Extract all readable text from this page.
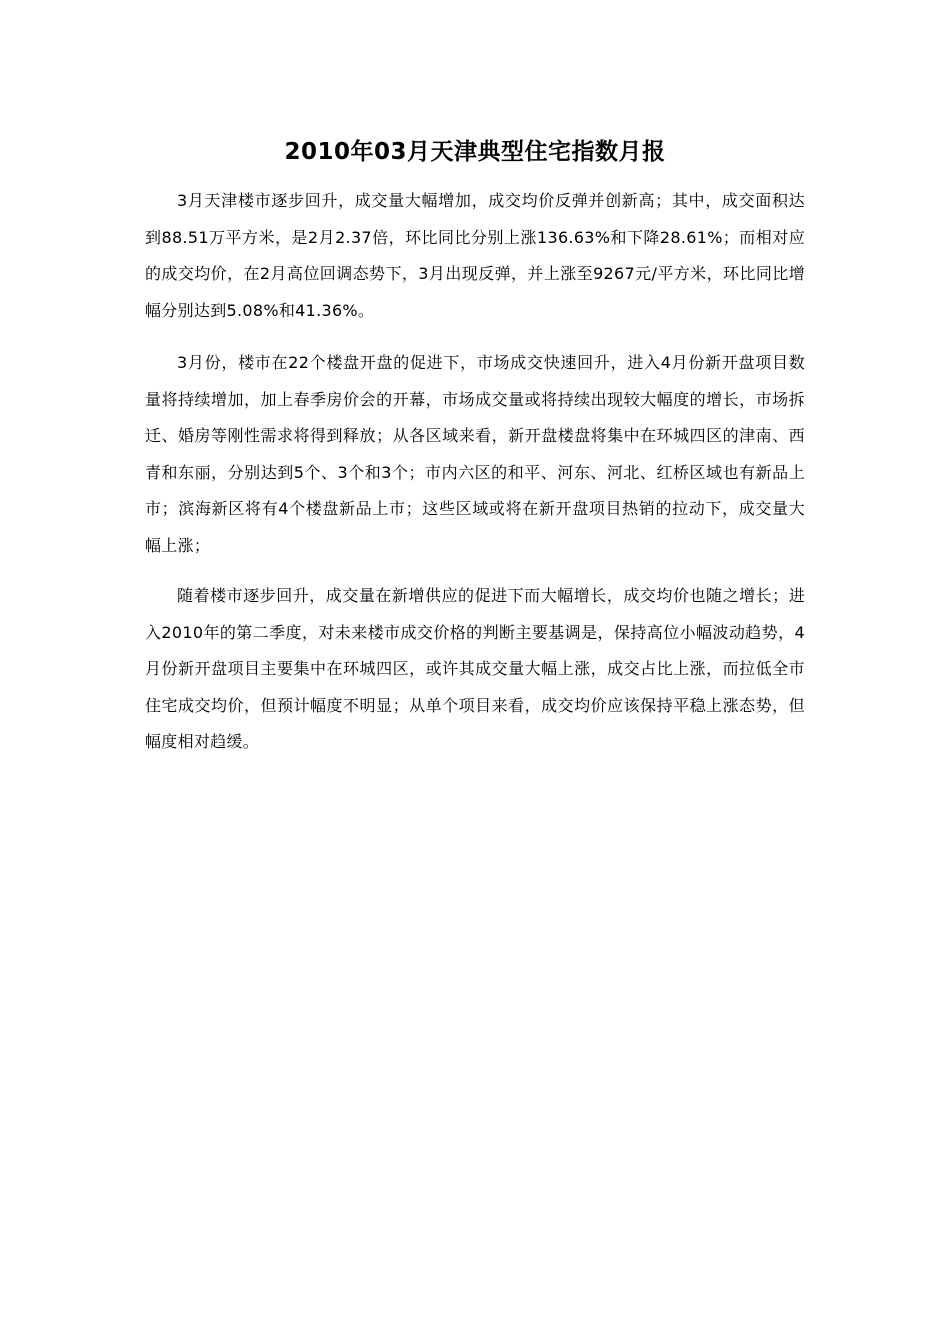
2010年03月天津典型住宅指数月报

3月天津楼市逐步回升，成交量大幅增加，成交均价反弹并创新高；其中，成交面积达到88.51万平方米，是2月2.37倍，环比同比分别上涨136.63%和下降28.61%；而相对应的成交均价，在2月高位回调态势下，3月出现反弹，并上涨至9267元/平方米，环比同比增幅分别达到5.08%和41.36%。

3月份，楼市在22个楼盘开盘的促进下，市场成交快速回升，进入4月份新开盘项目数量将持续增加，加上春季房价会的开幕，市场成交量或将持续出现较大幅度的增长，市场拆迁、婚房等刚性需求将得到释放；从各区域来看，新开盘楼盘将集中在环城四区的津南、西青和东丽，分别达到5个、3个和3个；市内六区的和平、河东、河北、红桥区域也有新品上市；滨海新区将有4个楼盘新品上市；这些区域或将在新开盘项目热销的拉动下，成交量大幅上涨；

随着楼市逐步回升，成交量在新增供应的促进下而大幅增长，成交均价也随之增长；进入2010年的第二季度，对未来楼市成交价格的判断主要基调是，保持高位小幅波动趋势，4月份新开盘项目主要集中在环城四区，或许其成交量大幅上涨，成交占比上涨，而拉低全市住宅成交均价，但预计幅度不明显；从单个项目来看，成交均价应该保持平稳上涨态势，但幅度相对趋缓。
